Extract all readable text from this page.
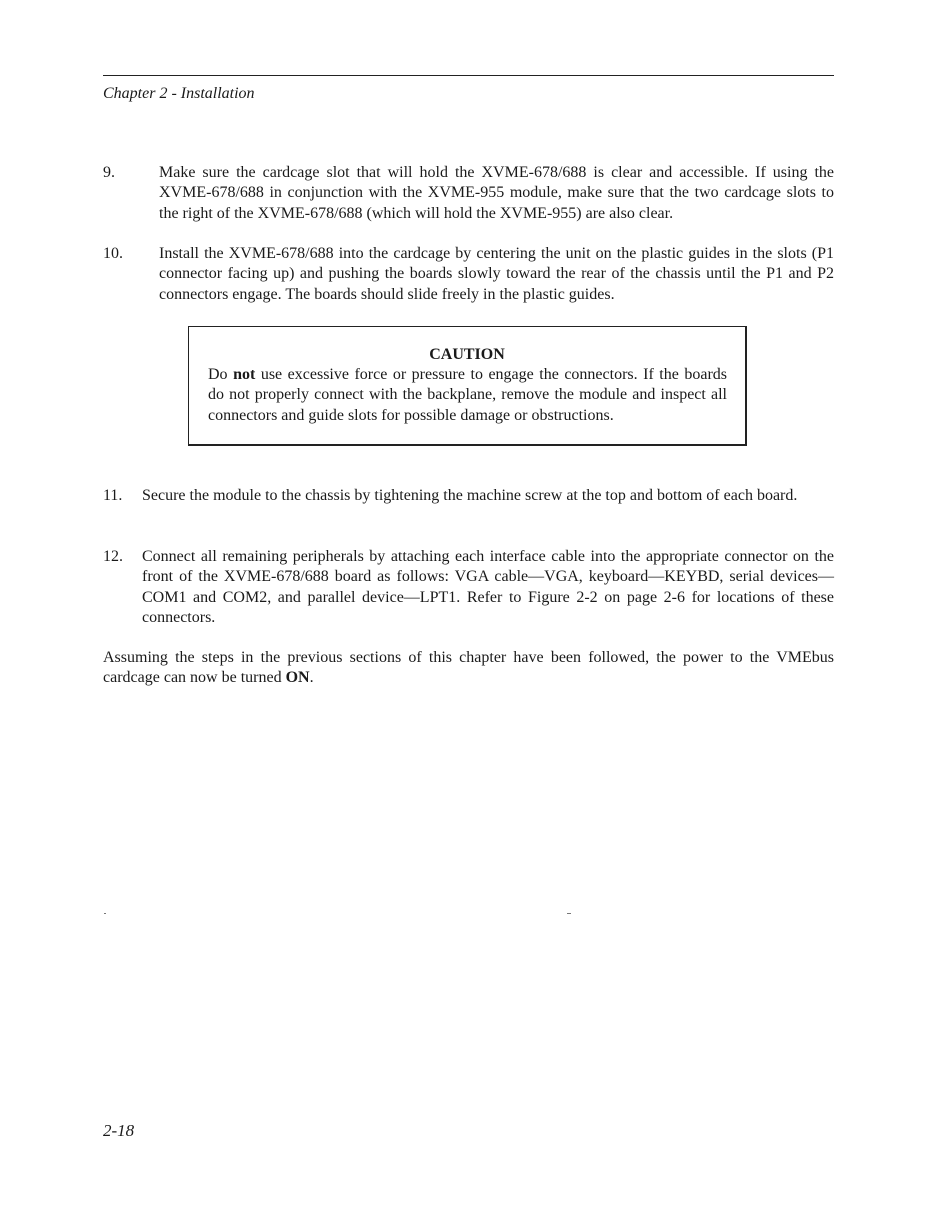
Chapter 2 - Installation
9.	Make sure the cardcage slot that will hold the XVME-678/688 is clear and accessible. If using the XVME-678/688 in conjunction with the XVME-955 module, make sure that the two cardcage slots to the right of the XVME-678/688 (which will hold the XVME-955) are also clear.
10. Install the XVME-678/688 into the cardcage by centering the unit on the plastic guides in the slots (P1 connector facing up) and pushing the boards slowly toward the rear of the chassis until the P1 and P2 connectors engage. The boards should slide freely in the plastic guides.
CAUTION
Do not use excessive force or pressure to engage the connectors. If the boards do not properly connect with the backplane, remove the module and inspect all connectors and guide slots for possible damage or obstructions.
11. Secure the module to the chassis by tightening the machine screw at the top and bottom of each board.
12. Connect all remaining peripherals by attaching each interface cable into the appropriate connector on the front of the XVME-678/688 board as follows: VGA cable—VGA, keyboard—KEYBD, serial devices—COM1 and COM2, and parallel device—LPT1. Refer to Figure 2-2 on page 2-6 for locations of these connectors.
Assuming the steps in the previous sections of this chapter have been followed, the power to the VMEbus cardcage can now be turned ON.
2-18
